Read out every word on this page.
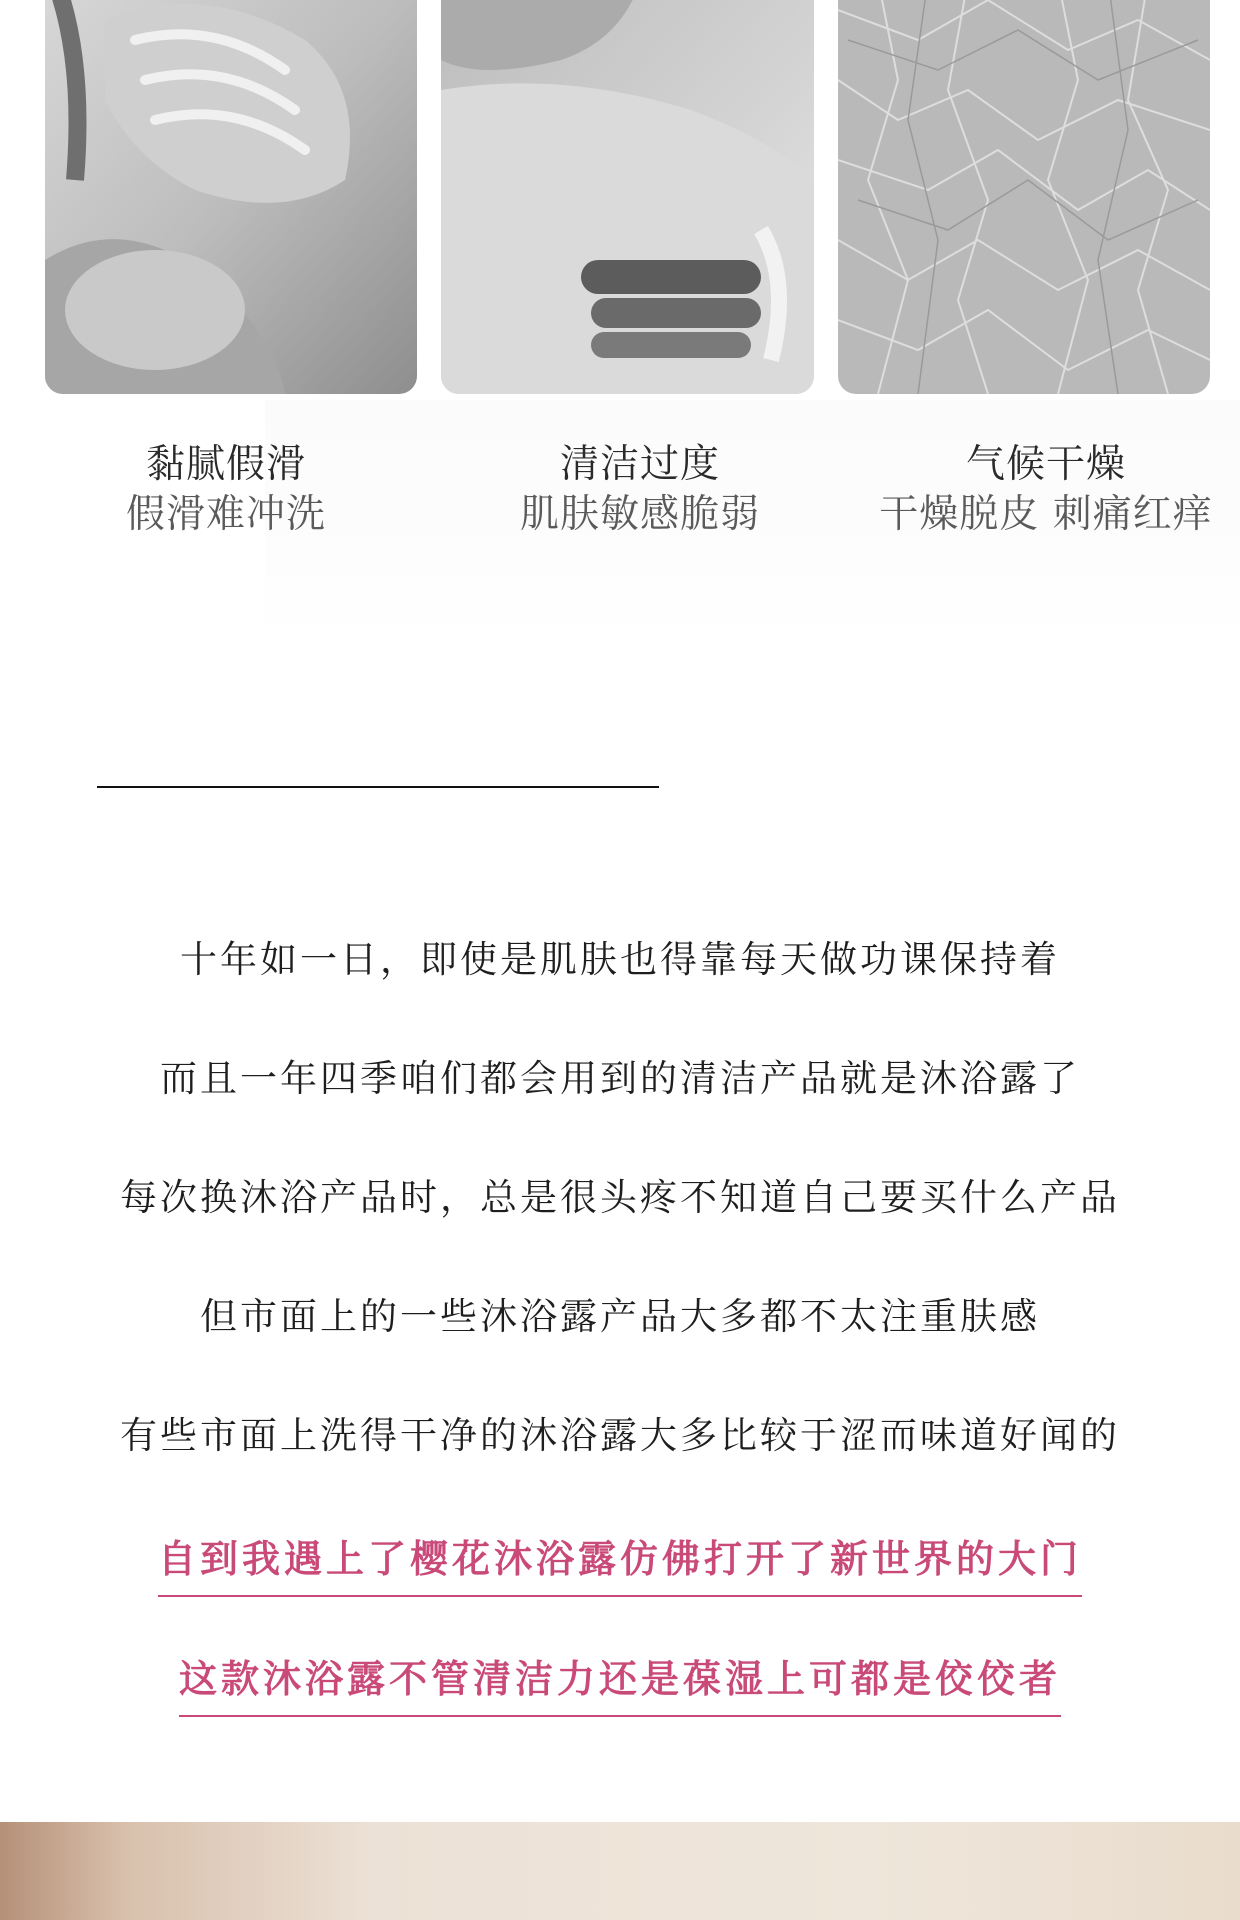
黏腻假滑
假滑难冲洗
清洁过度
肌肤敏感脆弱
气候干燥
干燥脱皮 刺痛红痒
十年如一日，即使是肌肤也得靠每天做功课保持着
而且一年四季咱们都会用到的清洁产品就是沐浴露了
每次换沐浴产品时，总是很头疼不知道自己要买什么产品
但市面上的一些沐浴露产品大多都不太注重肤感
有些市面上洗得干净的沐浴露大多比较于涩而味道好闻的
自到我遇上了樱花沐浴露仿佛打开了新世界的大门
这款沐浴露不管清洁力还是葆湿上可都是佼佼者
